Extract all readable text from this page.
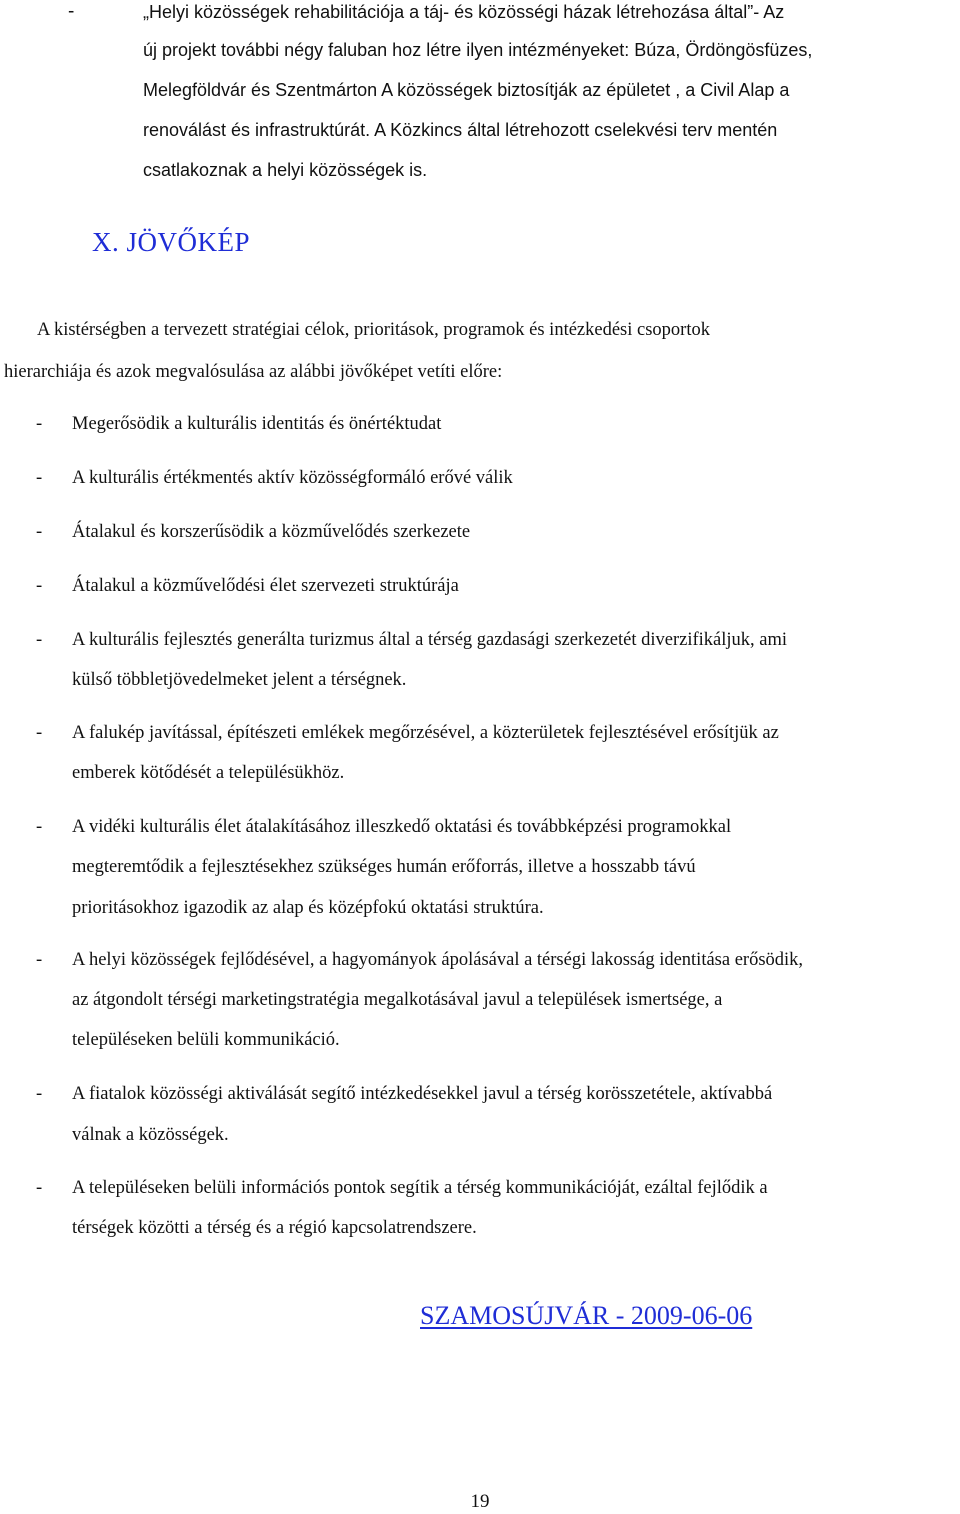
-	„Helyi közösségek rehabilitációja a táj- és közösségi házak létrehozása által”- Az
új projekt további négy faluban hoz létre ilyen intézményeket: Búza, Ördöngösfüzes,
Melegföldvár és Szentmárton A közösségek biztosítják az épületet , a Civil Alap a
renoválást és infrastruktúrát. A Közkincs által létrehozott cselekvési terv mentén
csatlakoznak a helyi közösségek is.
X. JÖVŐKÉP
A kistérségben a tervezett stratégiai célok, prioritások, programok és intézkedési csoportok
hierarchiája és azok megvalósulása az alábbi jövőképet vetíti előre:
- Megerősödik a kulturális identitás és önértéktudat
- A kulturális értékmentés aktív közösségformáló erővé válik
- Átalakul és korszerűsödik a közművelődés szerkezete
- Átalakul a közművelődési élet szervezeti struktúrája
- A kulturális fejlesztés generálta turizmus által a térség gazdasági szerkezetét diverzifikáljuk, ami
külső többletjövedelmeket jelent a térségnek.
- A falukép javítással, építészeti emlékek megőrzésével, a közterületek fejlesztésével erősítjük az
emberek kötődését a településükhöz.
- A vidéki kulturális élet átalakításához illeszkedő oktatási és továbbképzési programokkal
megteremtődik a fejlesztésekhez szükséges humán erőforrás, illetve a hosszabb távú
prioritásokhoz igazodik az alap és középfokú oktatási struktúra.
- A helyi közösségek fejlődésével, a hagyományok ápolásával a térségi lakosság identitása erősödik,
az átgondolt térségi marketingstratégia megalkotásával javul a települések ismertsége, a
településeken belüli kommunikáció.
- A fiatalok közösségi aktiválását segítő intézkedésekkel javul a térség korösszetétele, aktívabbá
válnak a közösségek.
- A településeken belüli információs pontok segítik a térség kommunikációját, ezáltal fejlődik a
térségek közötti a térség és a régió kapcsolatrendszere.
SZAMOSÚJVÁR - 2009-06-06
19
